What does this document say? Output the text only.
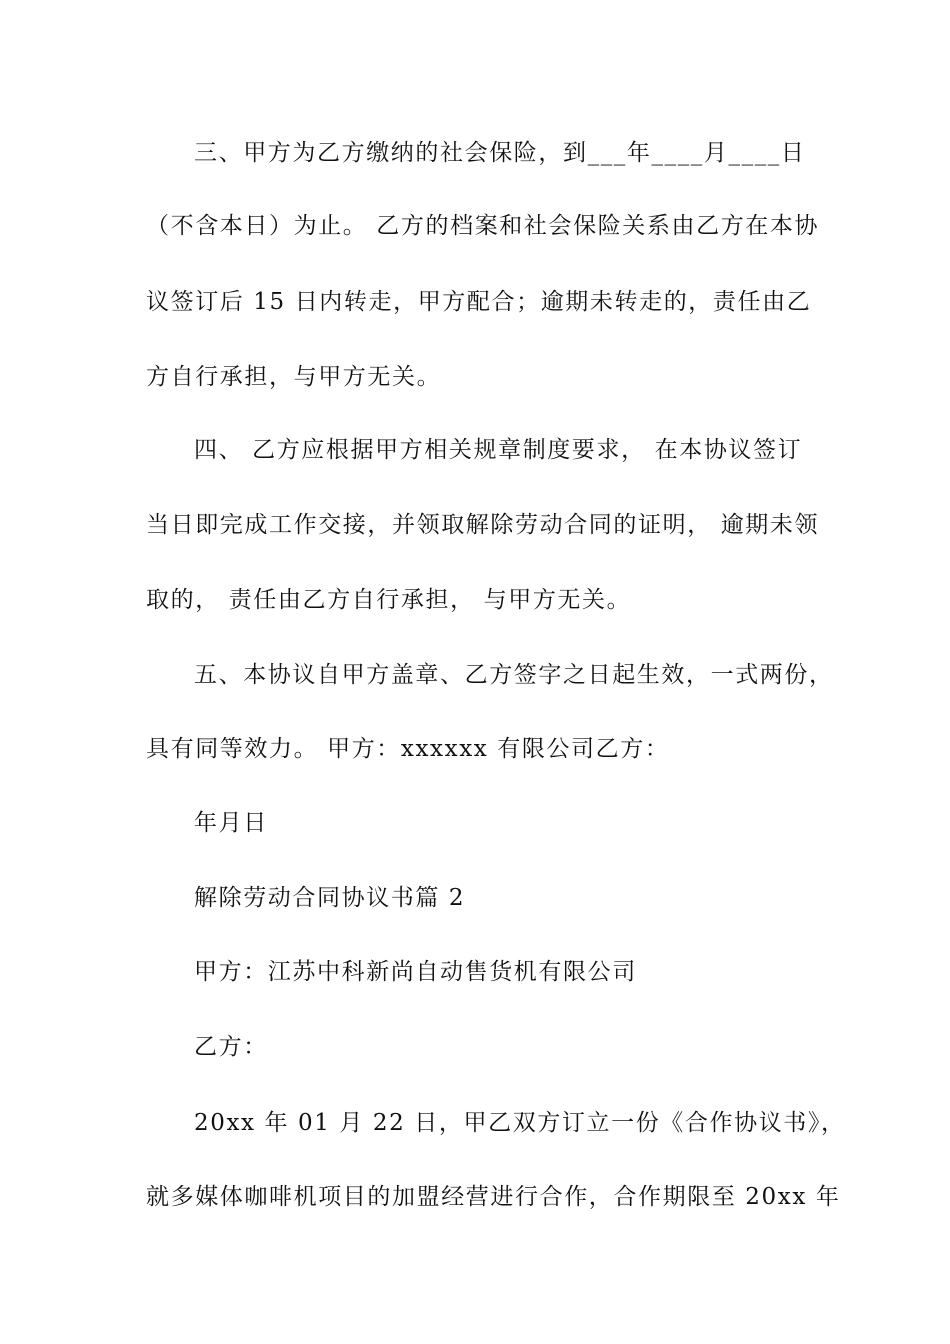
三、甲方为乙方缴纳的社会保险，到___年____月____日
（不含本日）为止。 乙方的档案和社会保险关系由乙方在本协
议签订后 15 日内转走，甲方配合；逾期未转走的，责任由乙
方自行承担，与甲方无关。
四、 乙方应根据甲方相关规章制度要求， 在本协议签订
当日即完成工作交接，并领取解除劳动合同的证明， 逾期未领
取的， 责任由乙方自行承担， 与甲方无关。
五、本协议自甲方盖章、乙方签字之日起生效，一式两份，
具有同等效力。 甲方：xxxxxx 有限公司乙方：
年月日
解除劳动合同协议书篇 2
甲方：江苏中科新尚自动售货机有限公司
乙方：
20xx 年 01 月 22 日，甲乙双方订立一份《合作协议书》，
就多媒体咖啡机项目的加盟经营进行合作，合作期限至 20xx 年
